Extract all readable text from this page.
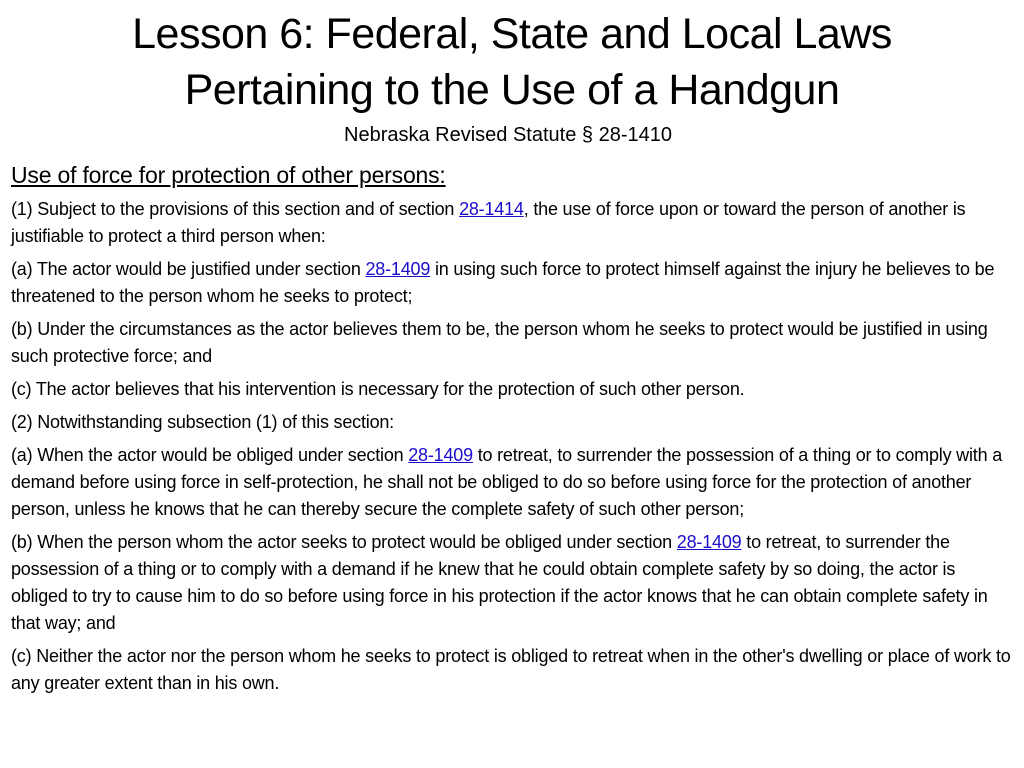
Lesson 6: Federal, State and Local Laws
Pertaining to the Use of a Handgun
Nebraska Revised Statute § 28-1410
Use of force for protection of other persons:
(1) Subject to the provisions of this section and of section 28-1414, the use of force upon or toward the person of another is justifiable to protect a third person when:
(a) The actor would be justified under section 28-1409 in using such force to protect himself against the injury he believes to be threatened to the person whom he seeks to protect;
(b) Under the circumstances as the actor believes them to be, the person whom he seeks to protect would be justified in using such protective force; and
(c) The actor believes that his intervention is necessary for the protection of such other person.
(2) Notwithstanding subsection (1) of this section:
(a) When the actor would be obliged under section 28-1409 to retreat, to surrender the possession of a thing or to comply with a demand before using force in self-protection, he shall not be obliged to do so before using force for the protection of another person, unless he knows that he can thereby secure the complete safety of such other person;
(b) When the person whom the actor seeks to protect would be obliged under section 28-1409 to retreat, to surrender the possession of a thing or to comply with a demand if he knew that he could obtain complete safety by so doing, the actor is obliged to try to cause him to do so before using force in his protection if the actor knows that he can obtain complete safety in that way; and
(c) Neither the actor nor the person whom he seeks to protect is obliged to retreat when in the other's dwelling or place of work to any greater extent than in his own.
